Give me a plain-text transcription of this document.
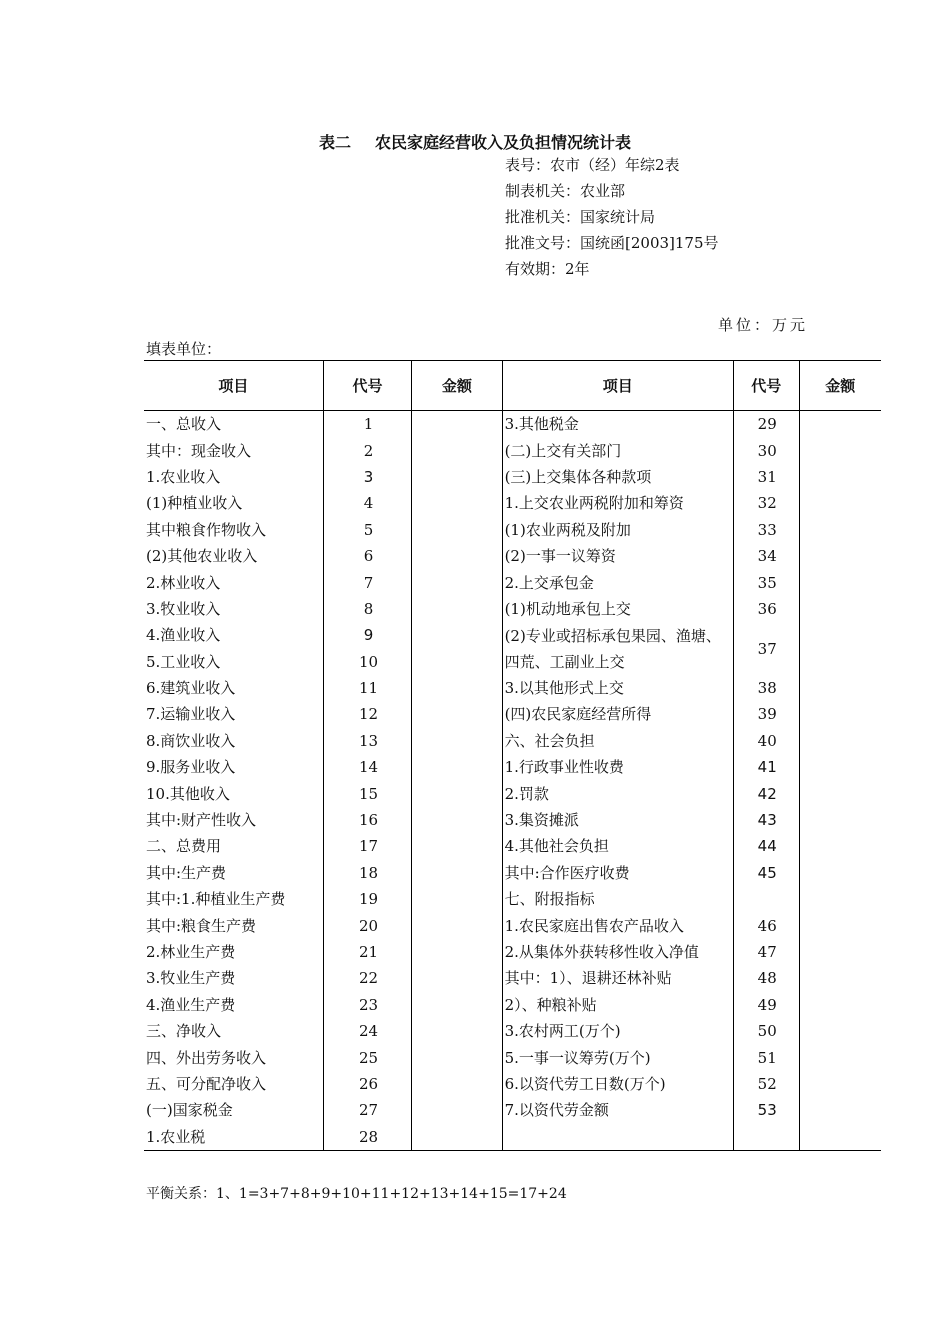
表二 农民家庭经营收入及负担情况统计表
表号：农市（经）年综2表
制表机关：农业部
批准机关：国家统计局
批准文号：国统函[2003]175号
有效期：2年
单位：万元
填表单位：
项目	代号	金额	项目	代号	金额
一、总收入	1		3.其他税金	29	
其中：现金收入	2		(二)上交有关部门	30	
1.农业收入	3		(三)上交集体各种款项	31	
(1)种植业收入	4		1.上交农业两税附加和筹资	32	
其中粮食作物收入	5		(1)农业两税及附加	33	
(2)其他农业收入	6		(2)一事一议筹资	34	
2.林业收入	7		2.上交承包金	35	
3.牧业收入	8		(1)机动地承包上交	36	
4.渔业收入	9		(2)专业或招标承包果园、渔塘、四荒、工副业上交	37	
5.工业收入	10				
6.建筑业收入	11		3.以其他形式上交	38	
7.运输业收入	12		(四)农民家庭经营所得	39	
8.商饮业收入	13		六、社会负担	40	
9.服务业收入	14		1.行政事业性收费	41	
10.其他收入	15		2.罚款	42	
其中:财产性收入	16		3.集资摊派	43	
二、总费用	17		4.其他社会负担	44	
其中:生产费	18		其中:合作医疗收费	45	
其中:1.种植业生产费	19		七、附报指标		
其中:粮食生产费	20		1.农民家庭出售农产品收入	46	
2.林业生产费	21		2.从集体外获转移性收入净值	47	
3.牧业生产费	22		其中：1）、退耕还林补贴	48	
4.渔业生产费	23		2）、种粮补贴	49	
三、净收入	24		3.农村两工(万个)	50	
四、外出劳务收入	25		5.一事一议筹劳(万个)	51	
五、可分配净收入	26		6.以资代劳工日数(万个)	52	
(一)国家税金	27		7.以资代劳金额	53	
1.农业税	28				
平衡关系：1、1=3+7+8+9+10+11+12+13+14+15=17+24
